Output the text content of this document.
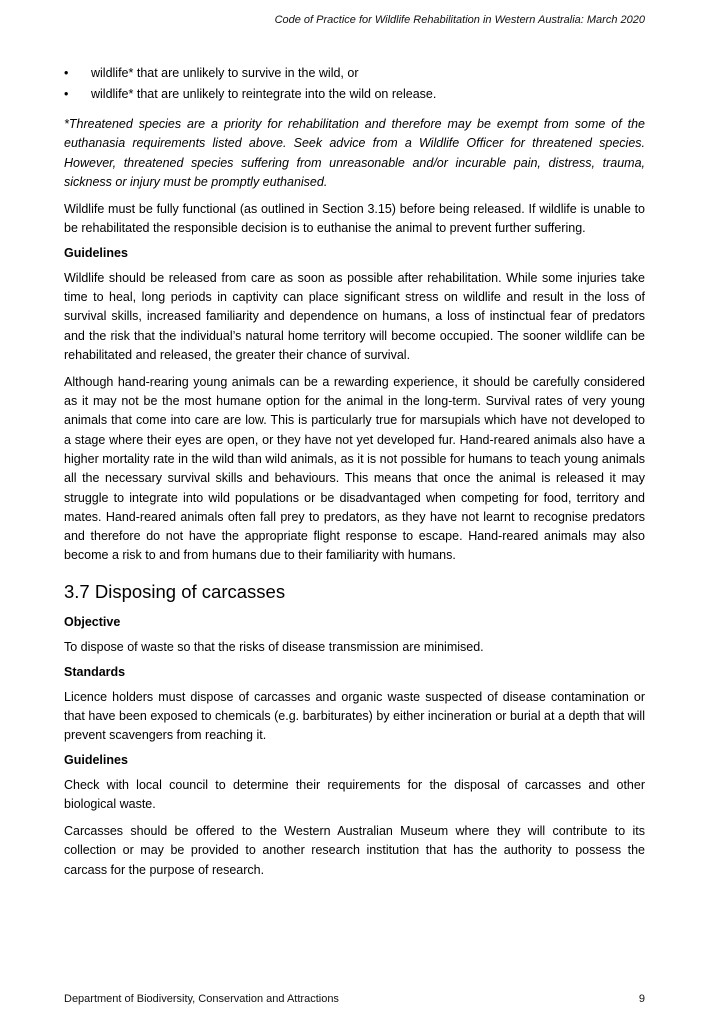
Code of Practice for Wildlife Rehabilitation in Western Australia: March 2020
•	wildlife* that are unlikely to survive in the wild, or
•	wildlife* that are unlikely to reintegrate into the wild on release.

*Threatened species are a priority for rehabilitation and therefore may be exempt from some of the euthanasia requirements listed above. Seek advice from a Wildlife Officer for threatened species. However, threatened species suffering from unreasonable and/or incurable pain, distress, trauma, sickness or injury must be promptly euthanised.

Wildlife must be fully functional (as outlined in Section 3.15) before being released. If wildlife is unable to be rehabilitated the responsible decision is to euthanise the animal to prevent further suffering.

Guidelines

Wildlife should be released from care as soon as possible after rehabilitation. While some injuries take time to heal, long periods in captivity can place significant stress on wildlife and result in the loss of survival skills, increased familiarity and dependence on humans, a loss of instinctual fear of predators and the risk that the individual’s natural home territory will become occupied. The sooner wildlife can be rehabilitated and released, the greater their chance of survival.

Although hand-rearing young animals can be a rewarding experience, it should be carefully considered as it may not be the most humane option for the animal in the long-term. Survival rates of very young animals that come into care are low. This is particularly true for marsupials which have not developed to a stage where their eyes are open, or they have not yet developed fur. Hand-reared animals also have a higher mortality rate in the wild than wild animals, as it is not possible for humans to teach young animals all the necessary survival skills and behaviours. This means that once the animal is released it may struggle to integrate into wild populations or be disadvantaged when competing for food, territory and mates. Hand-reared animals often fall prey to predators, as they have not learnt to recognise predators and therefore do not have the appropriate flight response to escape. Hand-reared animals may also become a risk to and from humans due to their familiarity with humans.

3.7 Disposing of carcasses
Objective

To dispose of waste so that the risks of disease transmission are minimised.

Standards

Licence holders must dispose of carcasses and organic waste suspected of disease contamination or that have been exposed to chemicals (e.g. barbiturates) by either incineration or burial at a depth that will prevent scavengers from reaching it.

Guidelines

Check with local council to determine their requirements for the disposal of carcasses and other biological waste.

Carcasses should be offered to the Western Australian Museum where they will contribute to its collection or may be provided to another research institution that has the authority to possess the carcass for the purpose of research.

Department of Biodiversity, Conservation and Attractions	9
